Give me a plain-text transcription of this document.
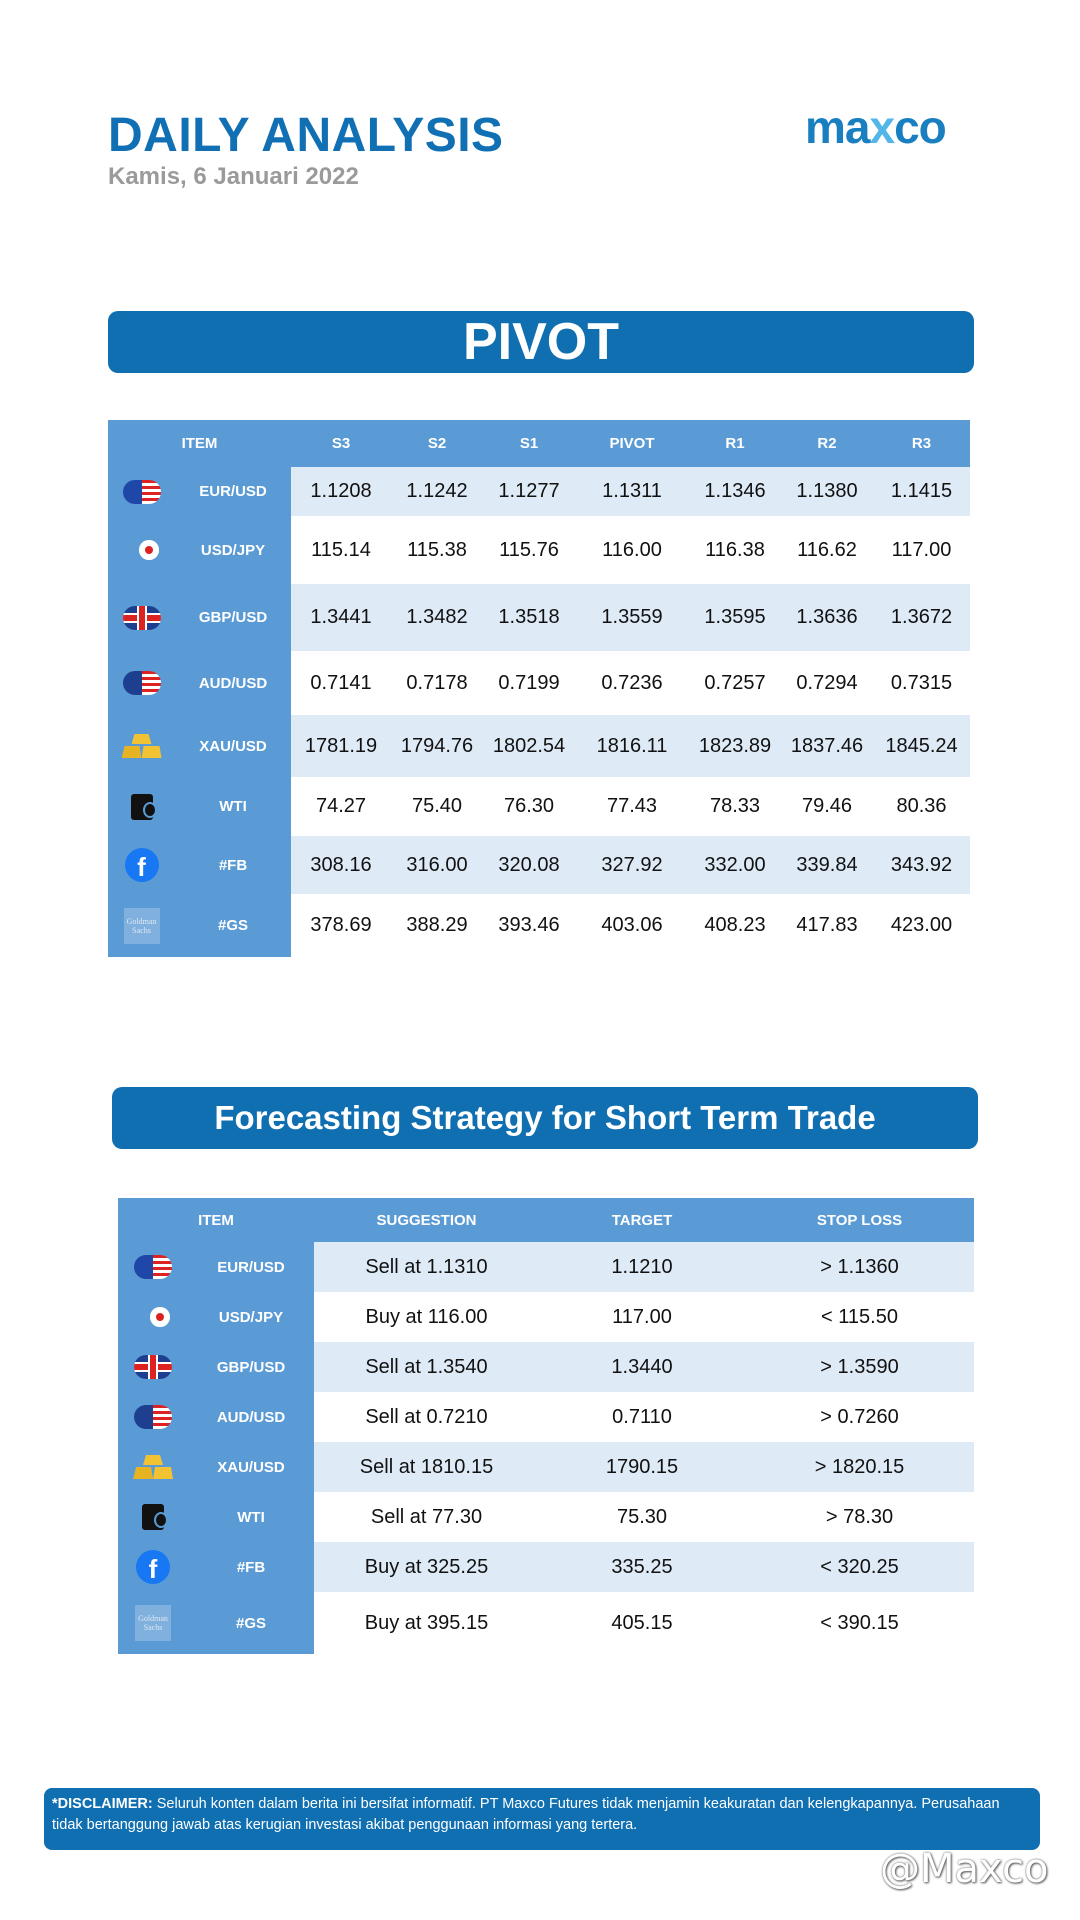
DAILY ANALYSIS
Kamis, 6 Januari 2022
maxco
PIVOT
ITEM		S3	S2	S1	PIVOT	R1	R2	R3
	EUR/USD	1.1208	1.1242	1.1277	1.1311	1.1346	1.1380	1.1415
	USD/JPY	115.14	115.38	115.76	116.00	116.38	116.62	117.00
	GBP/USD	1.3441	1.3482	1.3518	1.3559	1.3595	1.3636	1.3672
	AUD/USD	0.7141	0.7178	0.7199	0.7236	0.7257	0.7294	0.7315

	XAU/USD	1781.19	1794.76	1802.54	1816.11	1823.89	1837.46	1845.24
	WTI	74.27	75.40	76.30	77.43	78.33	79.46	80.36
f	#FB	308.16	316.00	320.08	327.92	332.00	339.84	343.92
Goldman Sachs	#GS	378.69	388.29	393.46	403.06	408.23	417.83	423.00
Forecasting Strategy for Short Term Trade
ITEM		SUGGESTION	TARGET	STOP LOSS
	EUR/USD	Sell at 1.1310	1.1210	> 1.1360
	USD/JPY	Buy at 116.00	117.00	< 115.50
	GBP/USD	Sell at 1.3540	1.3440	> 1.3590
	AUD/USD	Sell at 0.7210	0.7110	> 0.7260

	XAU/USD	Sell at 1810.15	1790.15	> 1820.15
	WTI	Sell at 77.30	75.30	> 78.30
f	#FB	Buy at 325.25	335.25	< 320.25
Goldman Sachs	#GS	Buy at 395.15	405.15	< 390.15
*DISCLAIMER: Seluruh konten dalam berita ini bersifat informatif. PT Maxco Futures tidak menjamin keakuratan dan kelengkapannya. Perusahaan tidak bertanggung jawab atas kerugian investasi akibat penggunaan informasi yang tertera.
@Maxco
